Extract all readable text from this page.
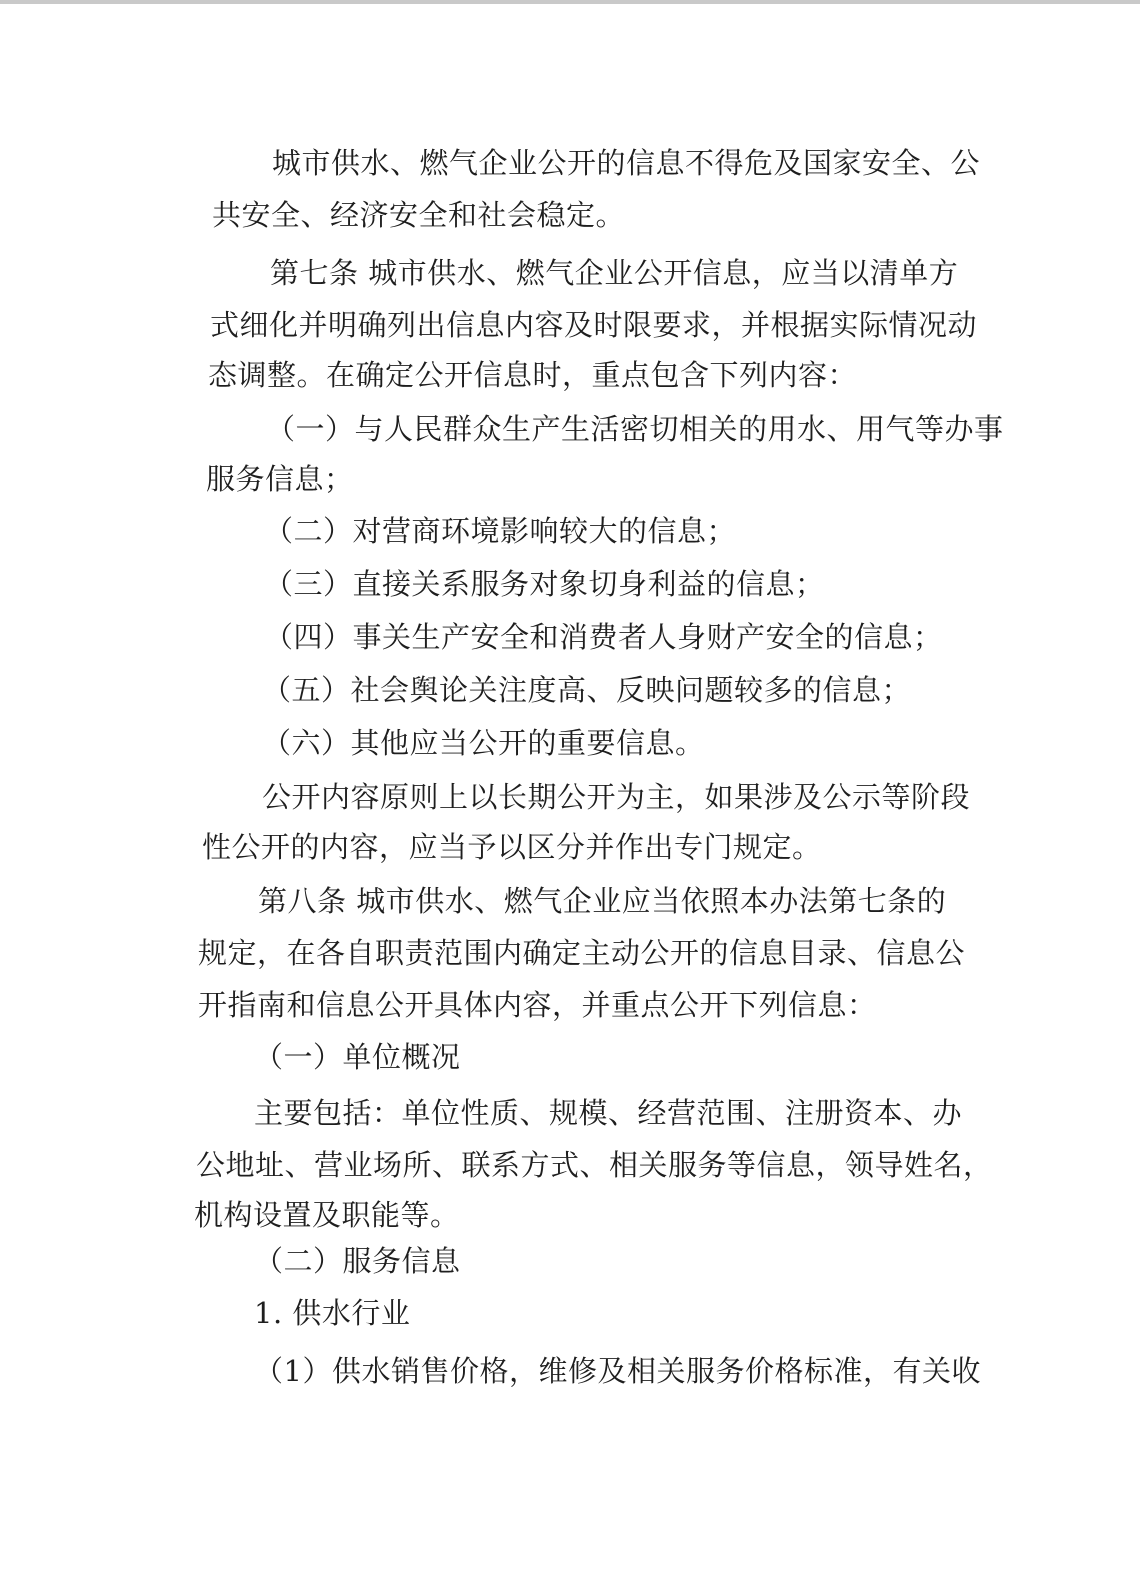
城市供水、燃气企业公开的信息不得危及国家安全、公
共安全、经济安全和社会稳定。
第七条 城市供水、燃气企业公开信息，应当以清单方
式细化并明确列出信息内容及时限要求，并根据实际情况动
态调整。在确定公开信息时，重点包含下列内容：
（一）与人民群众生产生活密切相关的用水、用气等办事
服务信息；
（二）对营商环境影响较大的信息；
（三）直接关系服务对象切身利益的信息；
（四）事关生产安全和消费者人身财产安全的信息；
（五）社会舆论关注度高、反映问题较多的信息；
（六）其他应当公开的重要信息。
公开内容原则上以长期公开为主，如果涉及公示等阶段
性公开的内容，应当予以区分并作出专门规定。
第八条 城市供水、燃气企业应当依照本办法第七条的
规定，在各自职责范围内确定主动公开的信息目录、信息公
开指南和信息公开具体内容，并重点公开下列信息：
（一）单位概况
主要包括：单位性质、规模、经营范围、注册资本、办
公地址、营业场所、联系方式、相关服务等信息，领导姓名，
机构设置及职能等。
（二）服务信息
1. 供水行业
（1）供水销售价格，维修及相关服务价格标准，有关收
